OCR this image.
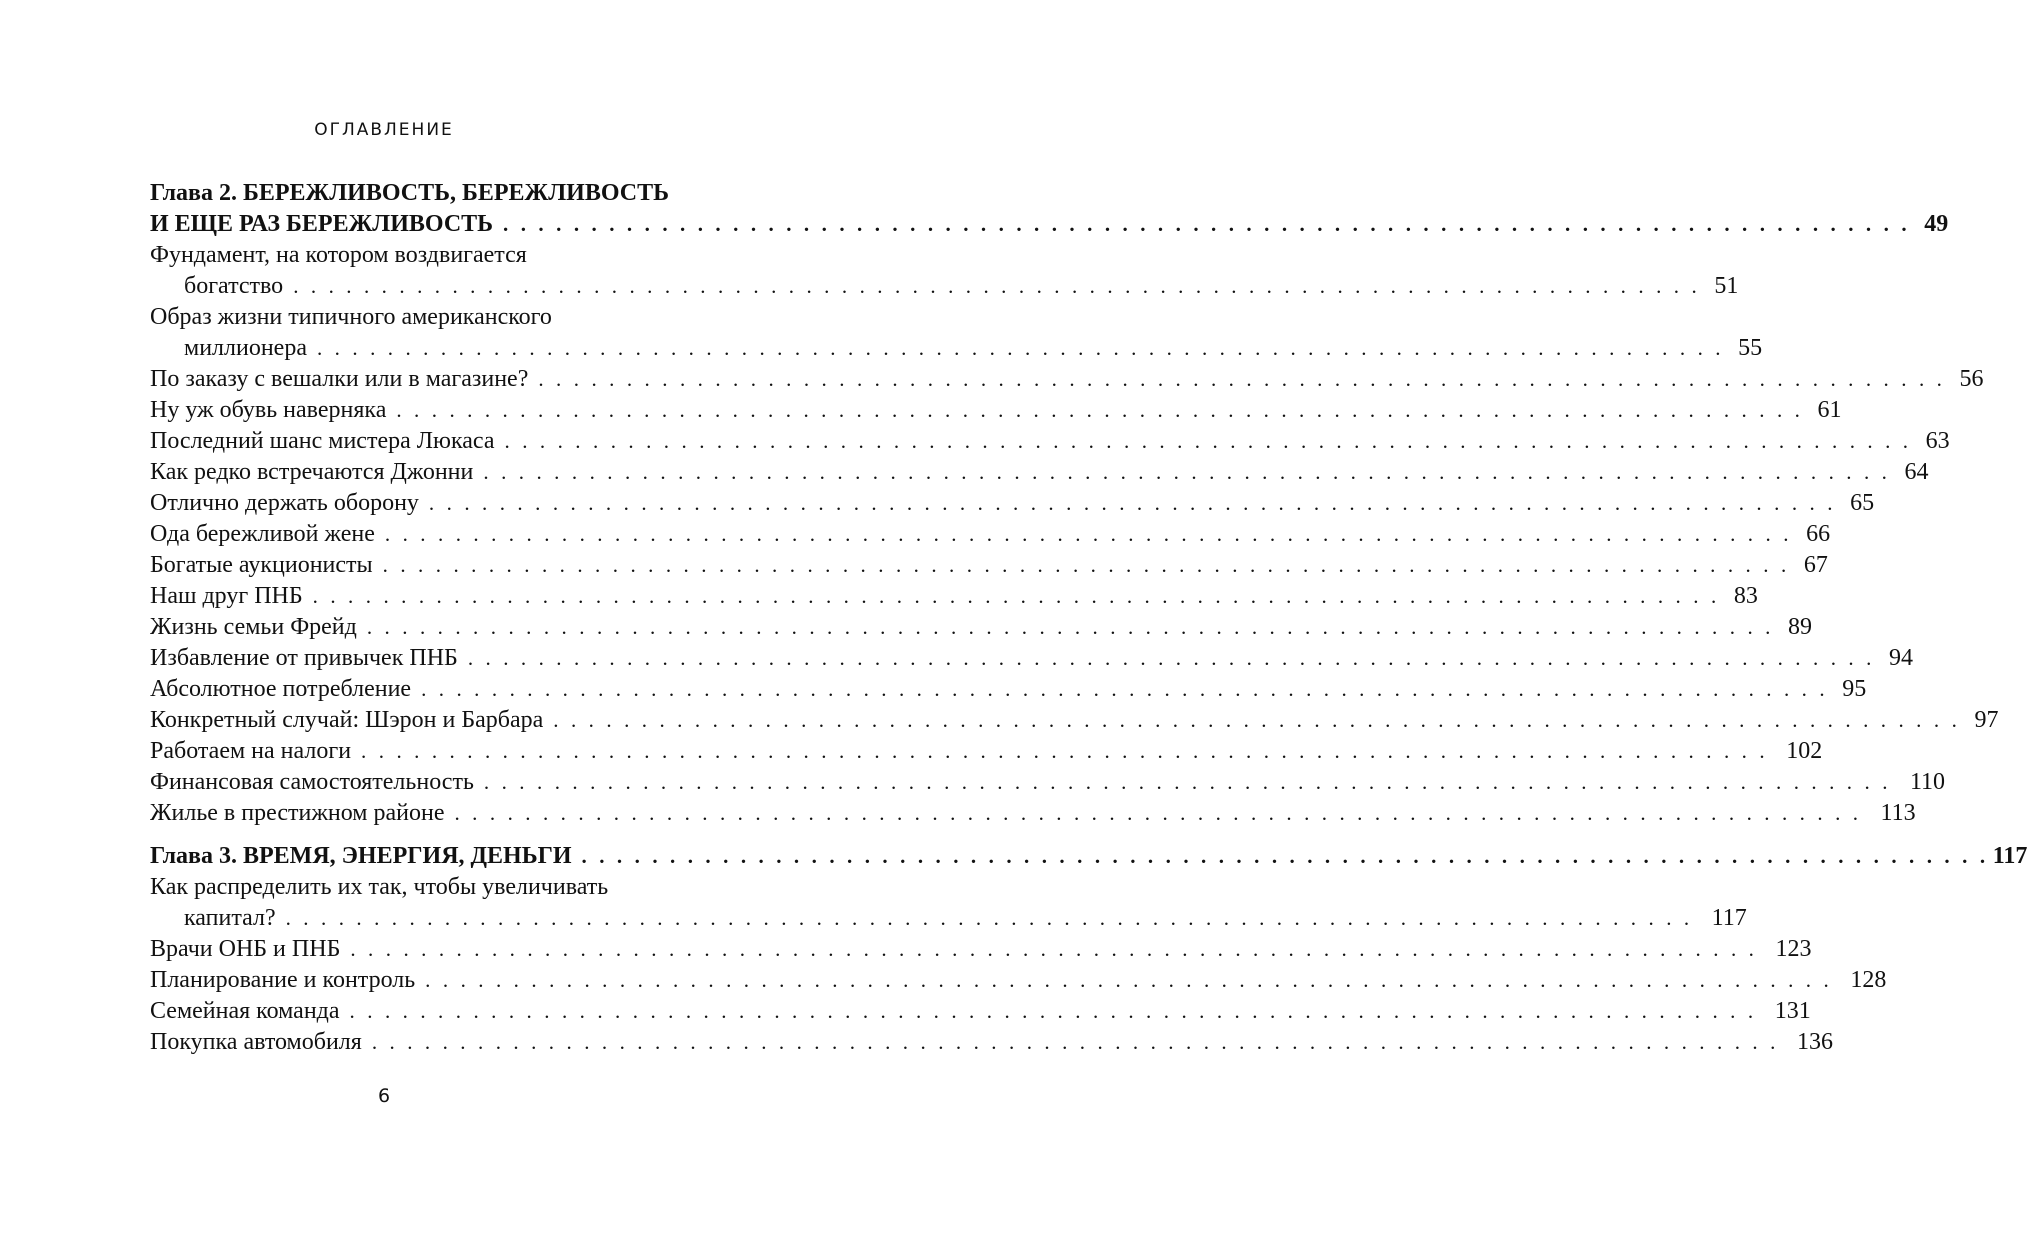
ОГЛАВЛЕНИЕ
Глава 2. БЕРЕЖЛИВОСТЬ, БЕРЕЖЛИВОСТЬ
И ЕЩЕ РАЗ БЕРЕЖЛИВОСТЬ . . . . . . . . . . . . . . . . . . . . . . . . . . . . . . . . . . . . . . . . . . . . . . . . . . . . . . . . . . . . . . . . . . . . . . . . . . . . . . . . 49
Фундамент, на котором воздвигается
богатство . . . . . . . . . . . . . . . . . . . . . . . . . . . . . . . . . . . . . . . . . . . . . . . . . . . . . . . . . . . . . . . . . . . . . . . . . . . . . . . . 51
Образ жизни типичного американского
миллионера . . . . . . . . . . . . . . . . . . . . . . . . . . . . . . . . . . . . . . . . . . . . . . . . . . . . . . . . . . . . . . . . . . . . . . . . . . . . . . . . 55
По заказу с вешалки или в магазине? . . . . . . . . . . . . . . . . . . . . . . . . . . . . . . . . . . . . . . . . . . . . . . . . . . . . . . . . . . . . . . . . . . . . . . . . . . . . . . . . 56
Ну уж обувь наверняка . . . . . . . . . . . . . . . . . . . . . . . . . . . . . . . . . . . . . . . . . . . . . . . . . . . . . . . . . . . . . . . . . . . . . . . . . . . . . . . . 61
Последний шанс мистера Люкаса . . . . . . . . . . . . . . . . . . . . . . . . . . . . . . . . . . . . . . . . . . . . . . . . . . . . . . . . . . . . . . . . . . . . . . . . . . . . . . . . 63
Как редко встречаются Джонни . . . . . . . . . . . . . . . . . . . . . . . . . . . . . . . . . . . . . . . . . . . . . . . . . . . . . . . . . . . . . . . . . . . . . . . . . . . . . . . . 64
Отлично держать оборону . . . . . . . . . . . . . . . . . . . . . . . . . . . . . . . . . . . . . . . . . . . . . . . . . . . . . . . . . . . . . . . . . . . . . . . . . . . . . . . . 65
Ода бережливой жене . . . . . . . . . . . . . . . . . . . . . . . . . . . . . . . . . . . . . . . . . . . . . . . . . . . . . . . . . . . . . . . . . . . . . . . . . . . . . . . . 66
Богатые аукционисты . . . . . . . . . . . . . . . . . . . . . . . . . . . . . . . . . . . . . . . . . . . . . . . . . . . . . . . . . . . . . . . . . . . . . . . . . . . . . . . . 67
Наш друг ПНБ . . . . . . . . . . . . . . . . . . . . . . . . . . . . . . . . . . . . . . . . . . . . . . . . . . . . . . . . . . . . . . . . . . . . . . . . . . . . . . . . 83
Жизнь семьи Фрейд . . . . . . . . . . . . . . . . . . . . . . . . . . . . . . . . . . . . . . . . . . . . . . . . . . . . . . . . . . . . . . . . . . . . . . . . . . . . . . . . 89
Избавление от привычек ПНБ . . . . . . . . . . . . . . . . . . . . . . . . . . . . . . . . . . . . . . . . . . . . . . . . . . . . . . . . . . . . . . . . . . . . . . . . . . . . . . . . 94
Абсолютное потребление . . . . . . . . . . . . . . . . . . . . . . . . . . . . . . . . . . . . . . . . . . . . . . . . . . . . . . . . . . . . . . . . . . . . . . . . . . . . . . . . 95
Конкретный случай: Шэрон и Барбара . . . . . . . . . . . . . . . . . . . . . . . . . . . . . . . . . . . . . . . . . . . . . . . . . . . . . . . . . . . . . . . . . . . . . . . . . . . . . . . . 97
Работаем на налоги . . . . . . . . . . . . . . . . . . . . . . . . . . . . . . . . . . . . . . . . . . . . . . . . . . . . . . . . . . . . . . . . . . . . . . . . . . . . . . . . 102
Финансовая самостоятельность . . . . . . . . . . . . . . . . . . . . . . . . . . . . . . . . . . . . . . . . . . . . . . . . . . . . . . . . . . . . . . . . . . . . . . . . . . . . . . . . 110
Жилье в престижном районе . . . . . . . . . . . . . . . . . . . . . . . . . . . . . . . . . . . . . . . . . . . . . . . . . . . . . . . . . . . . . . . . . . . . . . . . . . . . . . . . 113
Глава 3. ВРЕМЯ, ЭНЕРГИЯ, ДЕНЬГИ . . . . . . . . . . . . . . . . . . . . . . . . . . . . . . . . . . . . . . . . . . . . . . . . . . . . . . . . . . . . . . . . . . . . . . . . . . . . . . . . 117
Как распределить их так, чтобы увеличивать
капитал? . . . . . . . . . . . . . . . . . . . . . . . . . . . . . . . . . . . . . . . . . . . . . . . . . . . . . . . . . . . . . . . . . . . . . . . . . . . . . . . . 117
Врачи ОНБ и ПНБ . . . . . . . . . . . . . . . . . . . . . . . . . . . . . . . . . . . . . . . . . . . . . . . . . . . . . . . . . . . . . . . . . . . . . . . . . . . . . . . . 123
Планирование и контроль . . . . . . . . . . . . . . . . . . . . . . . . . . . . . . . . . . . . . . . . . . . . . . . . . . . . . . . . . . . . . . . . . . . . . . . . . . . . . . . . 128
Семейная команда . . . . . . . . . . . . . . . . . . . . . . . . . . . . . . . . . . . . . . . . . . . . . . . . . . . . . . . . . . . . . . . . . . . . . . . . . . . . . . . . 131
Покупка автомобиля . . . . . . . . . . . . . . . . . . . . . . . . . . . . . . . . . . . . . . . . . . . . . . . . . . . . . . . . . . . . . . . . . . . . . . . . . . . . . . . . 136
6
